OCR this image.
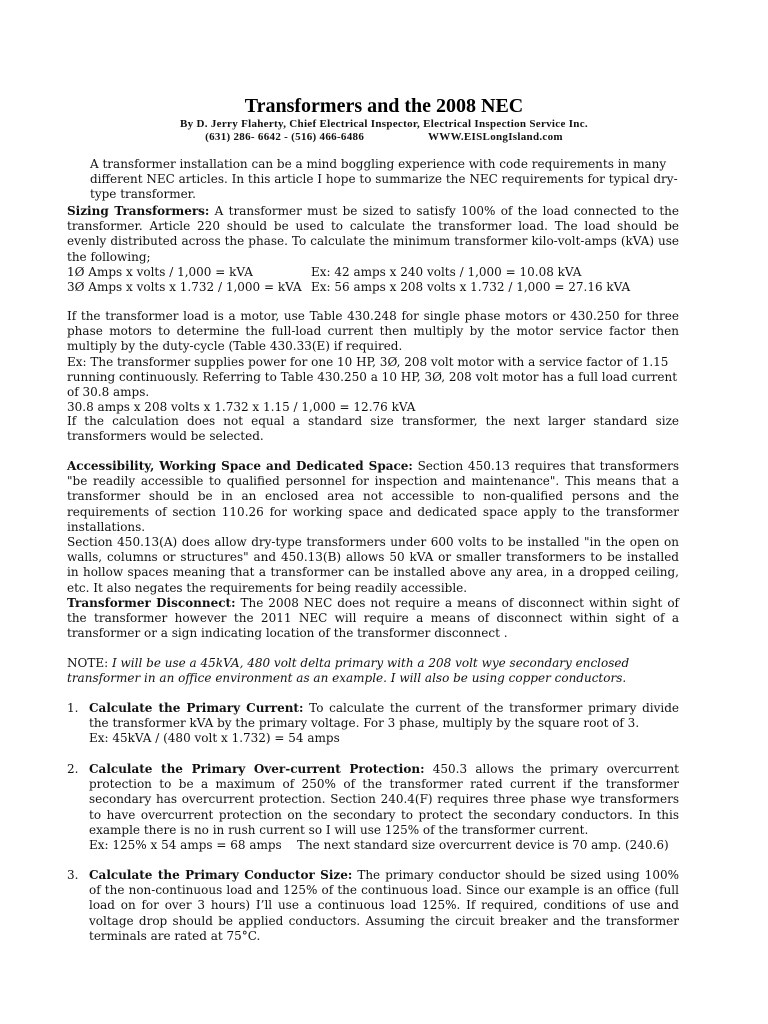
Transformers and the 2008 NEC
By D. Jerry Flaherty, Chief Electrical Inspector, Electrical Inspection Service Inc.
(631) 286- 6642 - (516) 466-6486	WWW.EISLongIsland.com
A transformer installation can be a mind boggling experience with code requirements in many different NEC articles. In this article I hope to summarize the NEC requirements for typical dry-type transformer.
Sizing Transformers: A transformer must be sized to satisfy 100% of the load connected to the transformer. Article 220 should be used to calculate the transformer load. The load should be evenly distributed across the phase. To calculate the minimum transformer kilo-volt-amps (kVA) use the following;
1Ø Amps x volts / 1,000 = kVA	Ex: 42 amps x 240 volts / 1,000 = 10.08 kVA
3Ø Amps x volts x 1.732 / 1,000 = kVA Ex: 56 amps x 208 volts x 1.732 / 1,000 = 27.16 kVA
If the transformer load is a motor, use Table 430.248 for single phase motors or 430.250 for three phase motors to determine the full-load current then multiply by the motor service factor then multiply by the duty-cycle (Table 430.33(E) if required.
Ex: The transformer supplies power for one 10 HP, 3Ø, 208 volt motor with a service factor of 1.15 running continuously. Referring to Table 430.250 a 10 HP, 3Ø, 208 volt motor has a full load current of 30.8 amps.
30.8 amps x 208 volts x 1.732 x 1.15 / 1,000 = 12.76 kVA
If the calculation does not equal a standard size transformer, the next larger standard size transformers would be selected.
Accessibility, Working Space and Dedicated Space: Section 450.13 requires that transformers "be readily accessible to qualified personnel for inspection and maintenance". This means that a transformer should be in an enclosed area not accessible to non-qualified persons and the requirements of section 110.26 for working space and dedicated space apply to the transformer installations.
Section 450.13(A) does allow dry-type transformers under 600 volts to be installed "in the open on walls, columns or structures" and 450.13(B) allows 50 kVA or smaller transformers to be installed in hollow spaces meaning that a transformer can be installed above any area, in a dropped ceiling, etc. It also negates the requirements for being readily accessible.
Transformer Disconnect: The 2008 NEC does not require a means of disconnect within sight of the transformer however the 2011 NEC will require a means of disconnect within sight of a transformer or a sign indicating location of the transformer disconnect .
NOTE: I will be use a 45kVA, 480 volt delta primary with a 208 volt wye secondary enclosed transformer in an office environment as an example. I will also be using copper conductors.
1. Calculate the Primary Current: To calculate the current of the transformer primary divide the transformer kVA by the primary voltage. For 3 phase, multiply by the square root of 3.
Ex: 45kVA / (480 volt x 1.732) = 54 amps
2. Calculate the Primary Over-current Protection: 450.3 allows the primary overcurrent protection to be a maximum of 250% of the transformer rated current if the transformer secondary has overcurrent protection. Section 240.4(F) requires three phase wye transformers to have overcurrent protection on the secondary to protect the secondary conductors. In this example there is no in rush current so I will use 125% of the transformer current.
Ex: 125% x 54 amps = 68 amps    The next standard size overcurrent device is 70 amp. (240.6)
3. Calculate the Primary Conductor Size: The primary conductor should be sized using 100% of the non-continuous load and 125% of the continuous load. Since our example is an office (full load on for over 3 hours) I’ll use a continuous load 125%. If required, conditions of use and voltage drop should be applied conductors. Assuming the circuit breaker and the transformer terminals are rated at 75°C.
